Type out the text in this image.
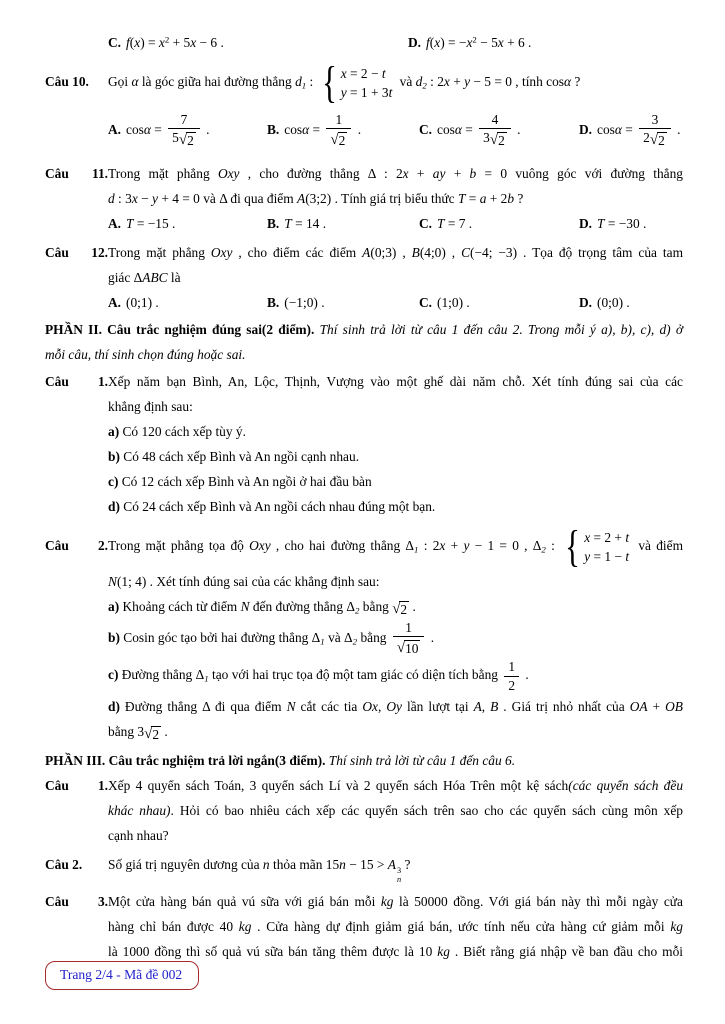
C. $f(x) = x^2 + 5x - 6$ .	D. $f(x) = -x^2 - 5x + 6$ .
Câu 10. Gọi α là góc giữa hai đường thẳng $d_1$ : { x = 2 − t
y = 1 + 3t
và $d_2$ : 2x + y − 5 = 0 , tính cosα ?
A. $\cos\alpha = \frac{7}{5 √ 2}$ .	B. $\cos\alpha = \frac{1}{√ 2}$ .	C. $\cos\alpha = \frac{4}{3 √ 2}$ .	D. $\cos\alpha = \frac{3}{2 √ 2}$ .
Câu 11.Trong mặt phẳng Oxy , cho đường thẳng Δ : 2x + ay + b = 0 vuông góc với đường thẳng
d : 3x − y + 4 = 0 và Δ đi qua điểm A(3;2) . Tính giá trị biểu thức T = a + 2b ?
A. T = −15 .	B. T = 14 .	C. T = 7 .	D. T = −30 .
Câu 12.Trong mặt phẳng Oxy , cho điểm các điểm A(0;3) , B(4;0) , C(−4; −3) . Tọa độ trọng tâm của tam
giác ΔABC là
A. (0;1) .	B. (−1;0) .	C. (1;0) .	D. (0;0) .
PHẦN II. Câu trắc nghiệm đúng sai(2 điểm). Thí sinh trả lời từ câu 1 đến câu 2. Trong mỗi ý a), b), c), d) ở
mỗi câu, thí sinh chọn đúng hoặc sai.
Câu 1.Xếp năm bạn Bình, An, Lộc, Thịnh, Vượng vào một ghế dài năm chỗ. Xét tính đúng sai của các
khẳng định sau:
a) Có 120 cách xếp tùy ý.
b) Có 48 cách xếp Bình và An ngồi cạnh nhau.
c) Có 12 cách xếp Bình và An ngồi ở hai đầu bàn
d) Có 24 cách xếp Bình và An ngồi cách nhau đúng một bạn.
Câu 2.Trong mặt phẳng tọa độ Oxy , cho hai đường thẳng $\Delta_1$ : 2x + y − 1 = 0 , $\Delta_2$ : { x = 2 + t
y = 1 − t
và điểm
N(1; 4) . Xét tính đúng sai của các khẳng định sau:
a) Khoảng cách từ điểm N đến đường thẳng $\Delta_2$ bằng √ 2 .
b) Cosin góc tạo bởi hai đường thẳng $\Delta_1$ và $\Delta_2$ bằng $\frac{1}{√ 10}$ .
c) Đường thẳng $\Delta_1$ tạo với hai trục tọa độ một tam giác có diện tích bằng $\frac{1}{2}$ .
d) Đường thẳng Δ đi qua điểm N cắt các tia Ox, Oy lần lượt tại A, B . Giá trị nhỏ nhất của OA + OB
bằng 3 √ 2 .
PHẦN III. Câu trắc nghiệm trả lời ngắn(3 điểm). Thí sinh trả lời từ câu 1 đến câu 6.
Câu 1.Xếp 4 quyển sách Toán, 3 quyển sách Lí và 2 quyển sách Hóa Trên một kệ sách(các quyển sách đều
khác nhau). Hỏi có bao nhiêu cách xếp các quyển sách trên sao cho các quyển sách cùng môn xếp
cạnh nhau?
Câu 2. Số giá trị nguyên dương của n thỏa mãn 15n − 15 > A 3
n
?
Câu 3.Một cửa hàng bán quả vú sữa với giá bán mỗi kg là 50000 đồng. Với giá bán này thì mỗi ngày cửa
hàng chỉ bán được 40 kg . Cửa hàng dự định giảm giá bán, ước tính nếu cửa hàng cứ giảm mỗi kg
là 1000 đồng thì số quả vú sữa bán tăng thêm được là 10 kg . Biết rằng giá nhập về ban đầu cho mỗi
Trang 2/4 - Mã đề 002
